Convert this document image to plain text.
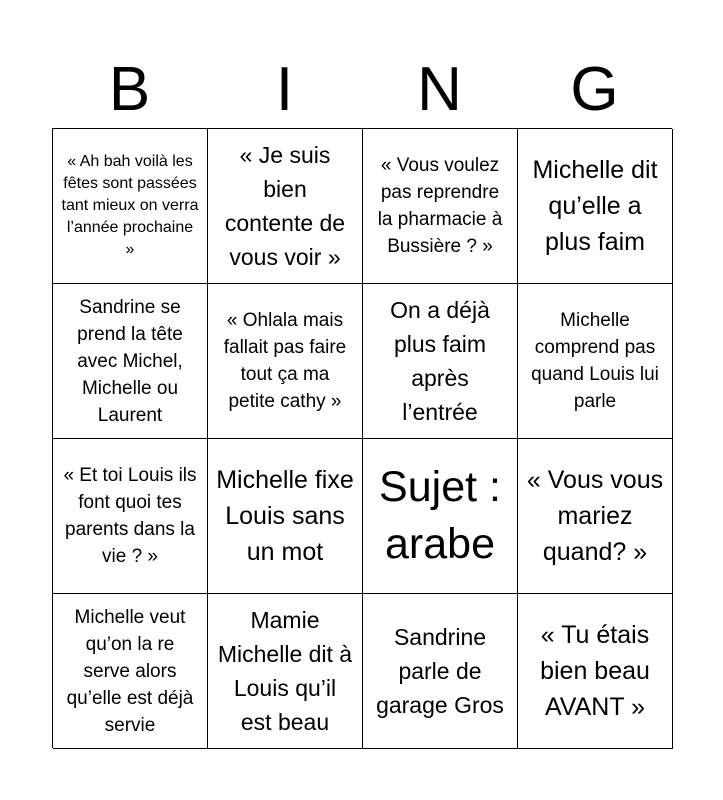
B	I	N	G
« Ah bah voilà les fêtes sont passées tant mieux on verra l’année prochaine »
« Je suis bien contente de vous voir »
« Vous voulez pas reprendre la pharmacie à Bussière ? »
Michelle dit qu’elle a plus faim
Sandrine se prend la tête avec Michel, Michelle ou Laurent
« Ohlala mais fallait pas faire tout ça ma petite cathy »
On a déjà plus faim après l’entrée
Michelle comprend pas quand Louis lui parle
« Et toi Louis ils font quoi tes parents dans la vie ? »
Michelle fixe Louis sans un mot
Sujet : arabe
« Vous vous mariez quand? »
Michelle veut qu’on la re serve alors qu’elle est déjà servie
Mamie Michelle dit à Louis qu’il est beau
Sandrine parle de garage Gros
« Tu étais bien beau AVANT »
